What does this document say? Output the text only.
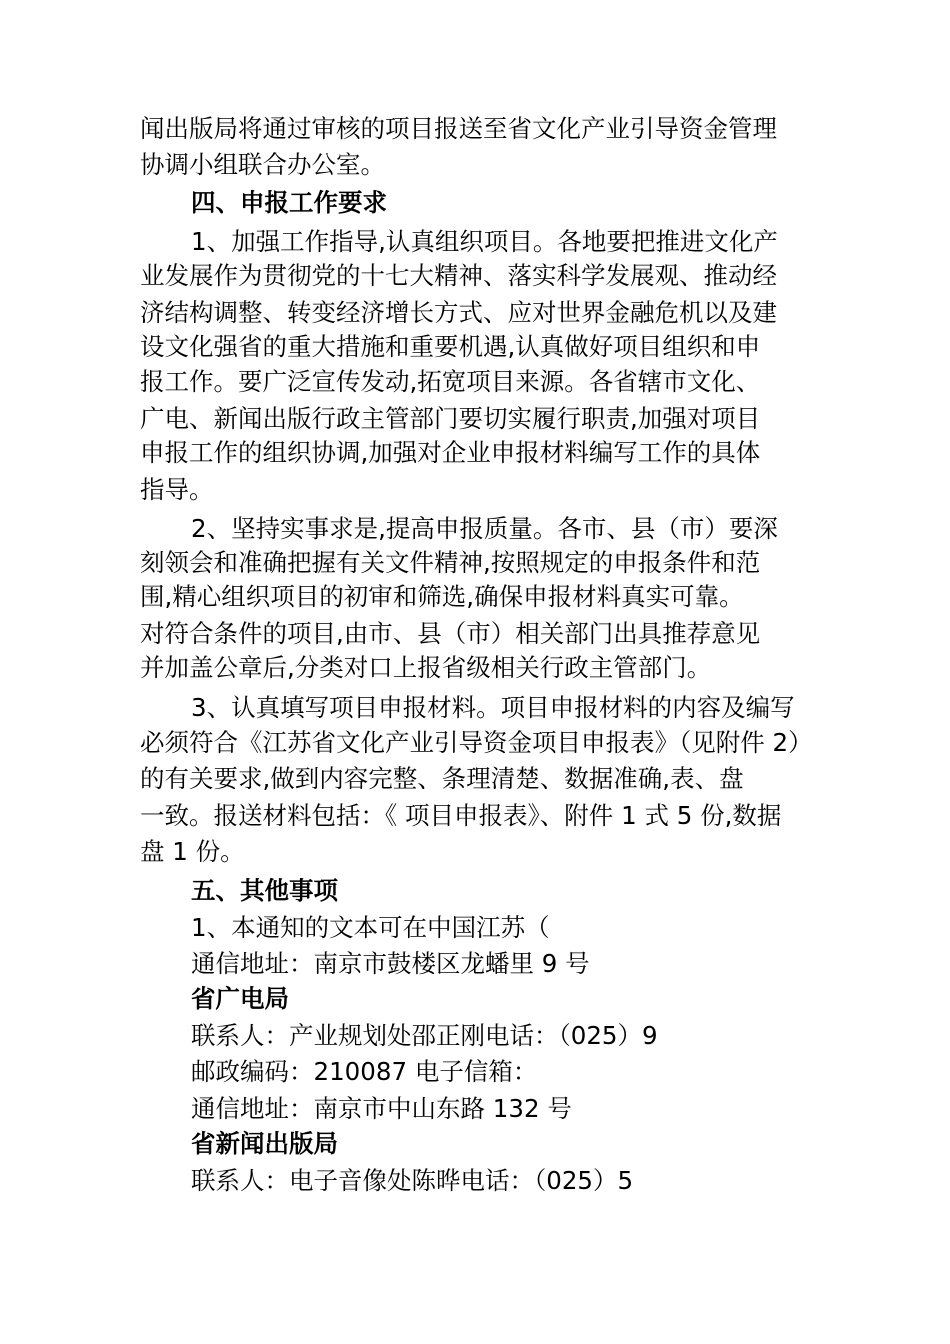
闻出版局将通过审核的项目报送至省文化产业引导资金管理
协调小组联合办公室。
四、申报工作要求
1、加强工作指导,认真组织项目。各地要把推进文化产
业发展作为贯彻党的十七大精神、落实科学发展观、推动经
济结构调整、转变经济增长方式、应对世界金融危机以及建
设文化强省的重大措施和重要机遇,认真做好项目组织和申
报工作。要广泛宣传发动,拓宽项目来源。各省辖市文化、
广电、新闻出版行政主管部门要切实履行职责,加强对项目
申报工作的组织协调,加强对企业申报材料编写工作的具体
指导。
2、坚持实事求是,提高申报质量。各市、县（市）要深
刻领会和准确把握有关文件精神,按照规定的申报条件和范
围,精心组织项目的初审和筛选,确保申报材料真实可靠。
对符合条件的项目,由市、县（市）相关部门出具推荐意见
并加盖公章后,分类对口上报省级相关行政主管部门。
3、认真填写项目申报材料。项目申报材料的内容及编写
必须符合《江苏省文化产业引导资金项目申报表》（见附件 2）
的有关要求,做到内容完整、条理清楚、数据准确,表、盘
一致。报送材料包括：《 项目申报表》、附件 1 式 5 份,数据
盘 1 份。
五、其他事项
1、本通知的文本可在中国江苏（
通信地址：南京市鼓楼区龙蟠里 9 号
省广电局
联系人：产业规划处邵正刚电话：（025）9
邮政编码：210087 电子信箱：
通信地址：南京市中山东路 132 号
省新闻出版局
联系人：电子音像处陈晔电话：（025）5
